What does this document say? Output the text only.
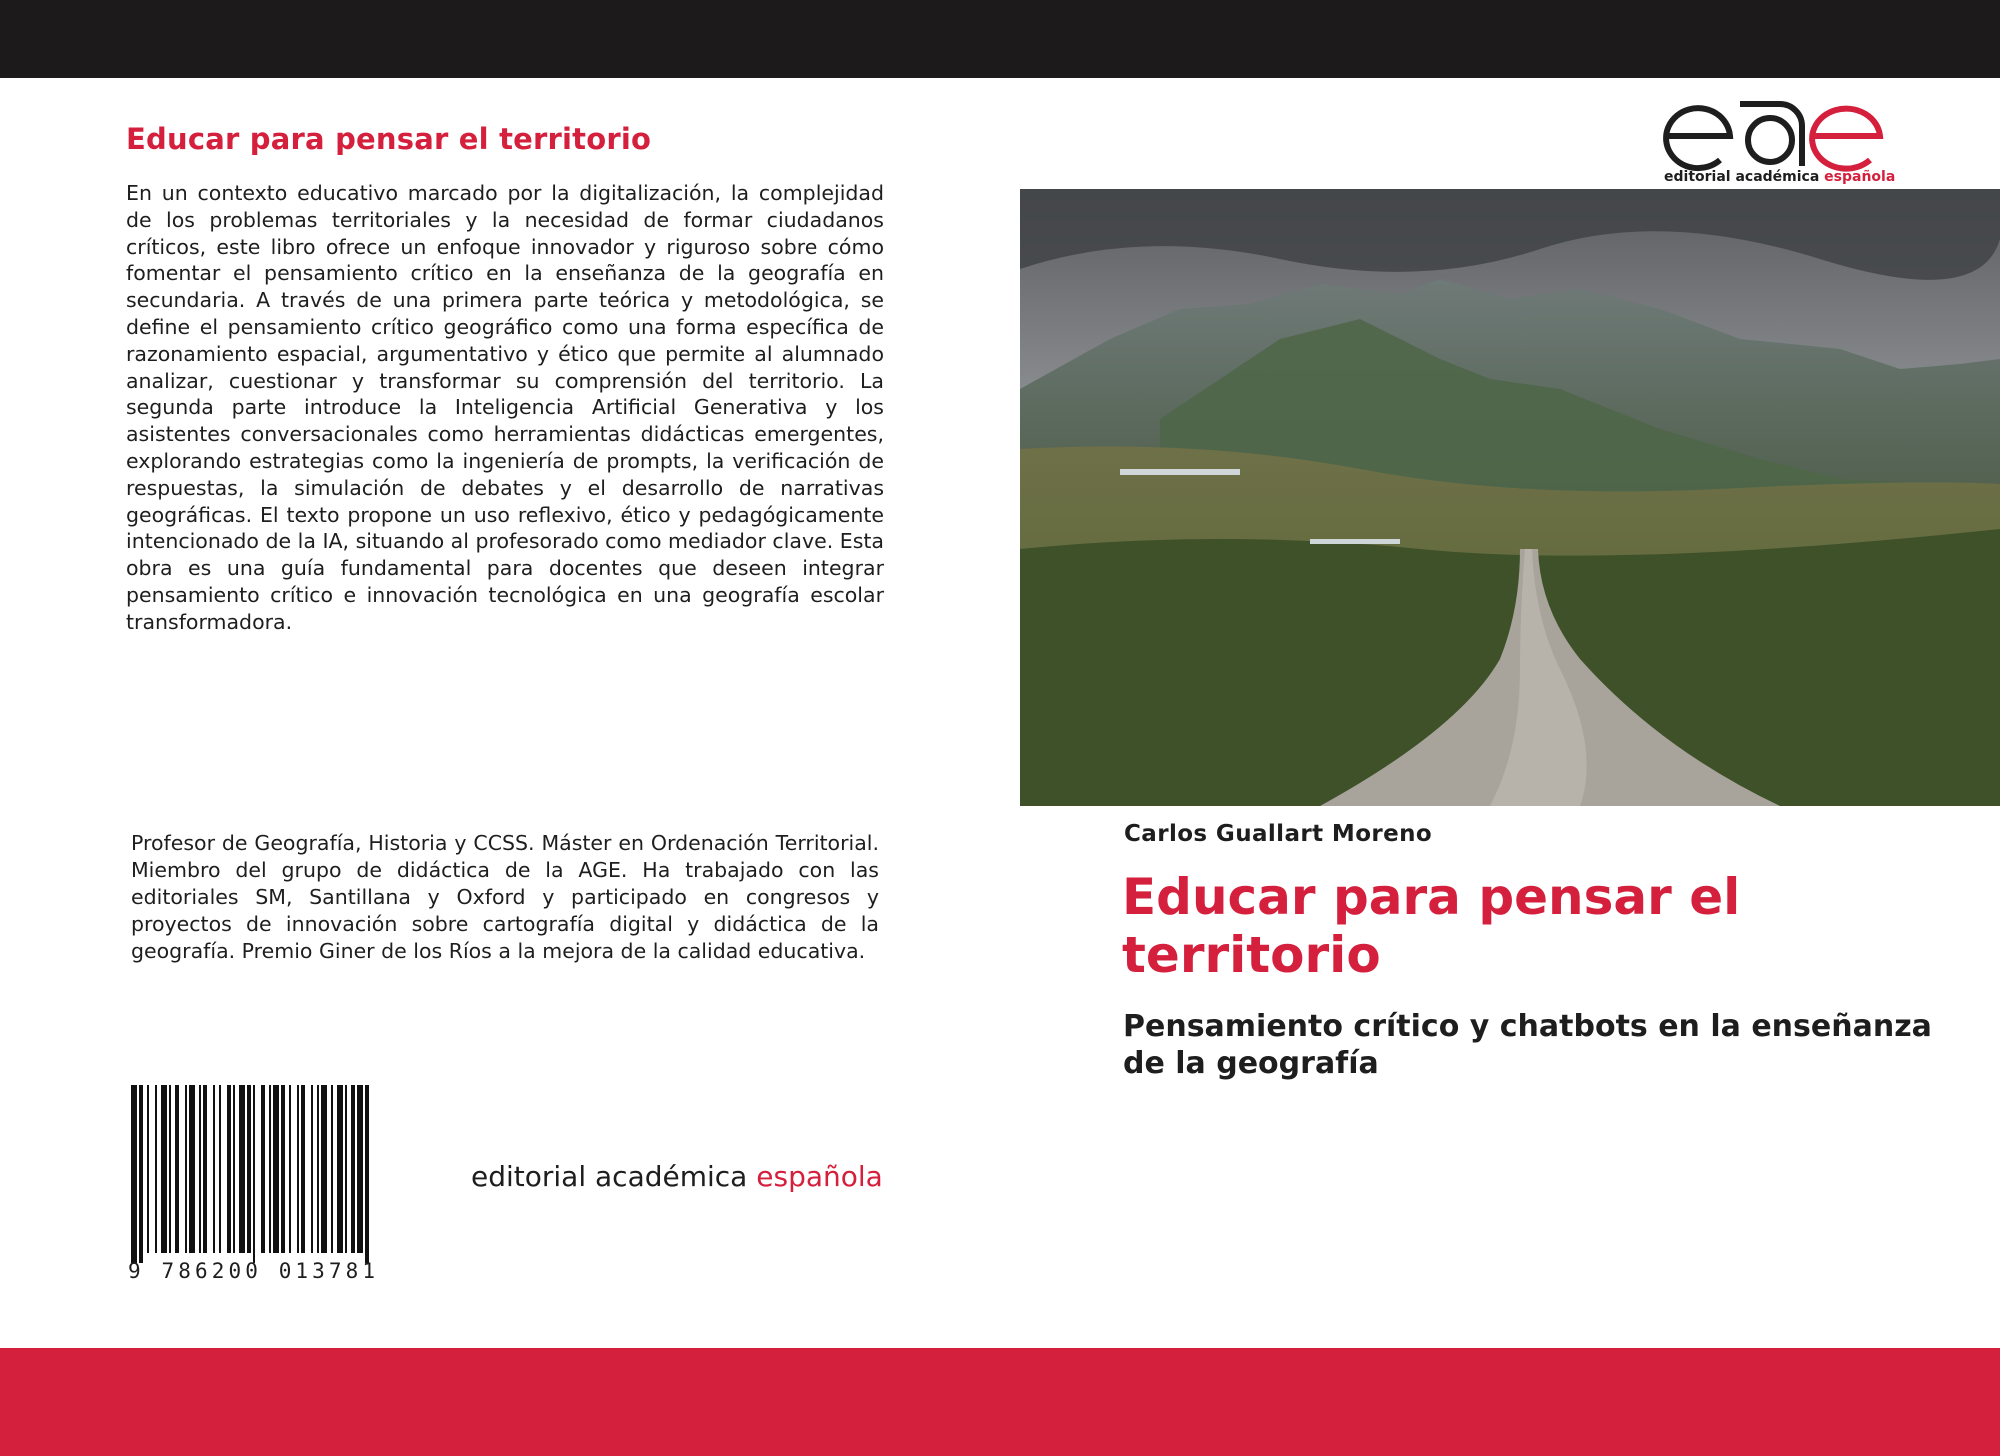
Educar para pensar el territorio

En un contexto educativo marcado por la digitalización, la complejidad de los problemas territoriales y la necesidad de formar ciudadanos críticos, este libro ofrece un enfoque innovador y riguroso sobre cómo fomentar el pensamiento crítico en la enseñanza de la geografía en secundaria. A través de una primera parte teórica y metodológica, se define el pensamiento crítico geográfico como una forma específica de razonamiento espacial, argumentativo y ético que permite al alumnado analizar, cuestionar y transformar su comprensión del territorio. La segunda parte introduce la Inteligencia Artificial Generativa y los asistentes conversacionales como herramientas didácticas emergentes, explorando estrategias como la ingeniería de prompts, la verificación de respuestas, la simulación de debates y el desarrollo de narrativas geográficas. El texto propone un uso reflexivo, ético y pedagógicamente intencionado de la IA, situando al profesorado como mediador clave. Esta obra es una guía fundamental para docentes que deseen integrar pensamiento crítico e innovación tecnológica en una geografía escolar transformadora.

Profesor de Geografía, Historia y CCSS. Máster en Ordenación Territorial. Miembro del grupo de didáctica de la AGE. Ha trabajado con las editoriales SM, Santillana y Oxford y participado en congresos y proyectos de innovación sobre cartografía digital y didáctica de la geografía. Premio Giner de los Ríos a la mejora de la calidad educativa.

9 786200 013781
editorial académica española
editorial académica española
Carlos Guallart Moreno
Educar para pensar el territorio
Pensamiento crítico y chatbots en la enseñanza de la geografía
